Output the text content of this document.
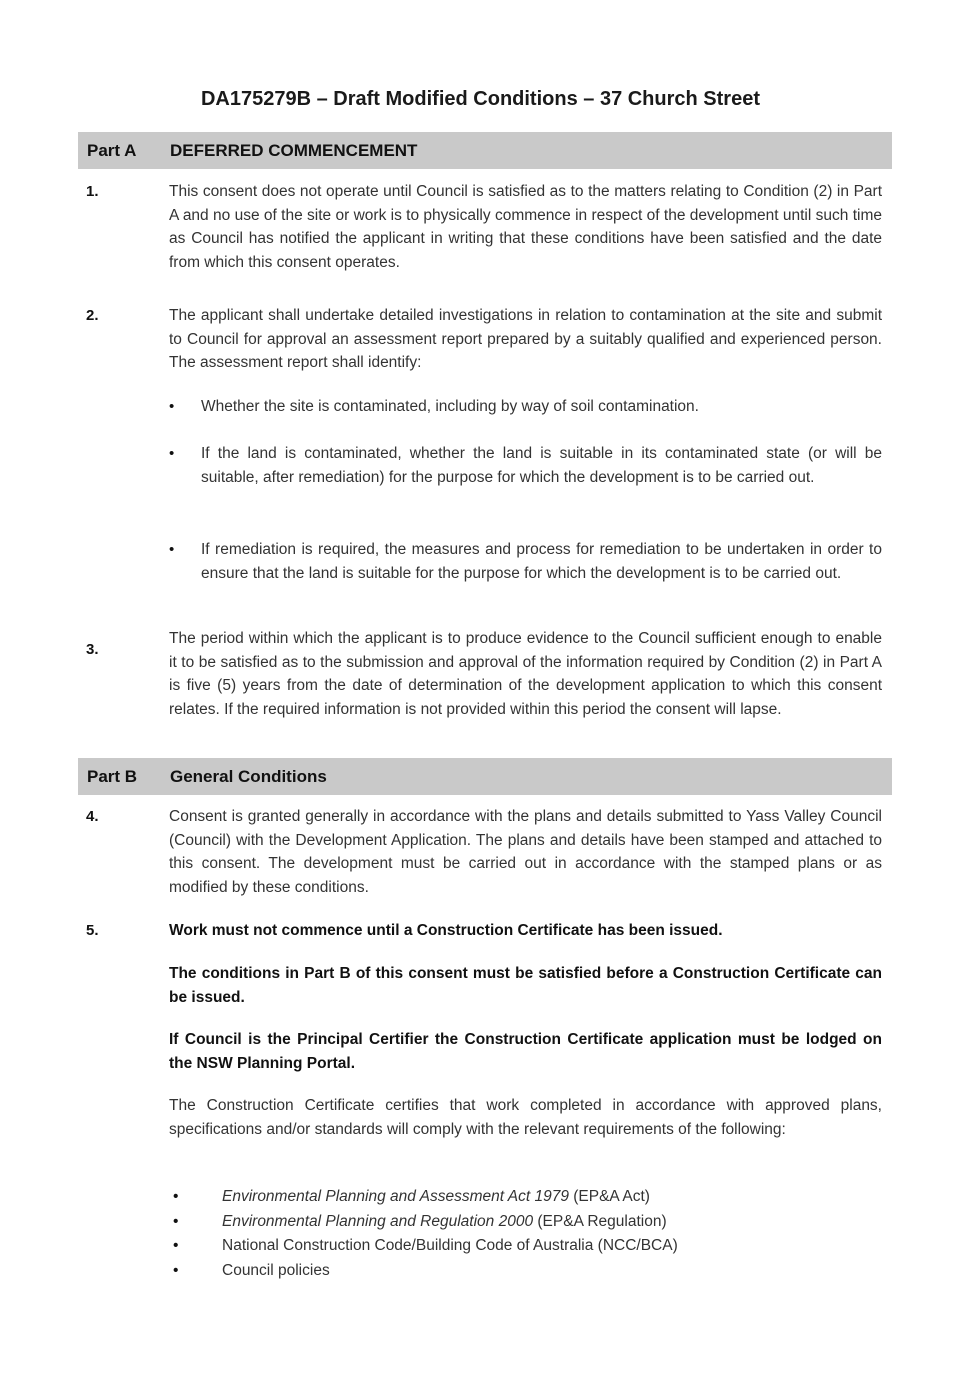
DA175279B – Draft Modified Conditions – 37 Church Street
Part A DEFERRED COMMENCEMENT
1.	This consent does not operate until Council is satisfied as to the matters relating to Condition (2) in Part A and no use of the site or work is to physically commence in respect of the development until such time as Council has notified the applicant in writing that these conditions have been satisfied and the date from which this consent operates.
2.	The applicant shall undertake detailed investigations in relation to contamination at the site and submit to Council for approval an assessment report prepared by a suitably qualified and experienced person. The assessment report shall identify:
• Whether the site is contaminated, including by way of soil contamination.
• If the land is contaminated, whether the land is suitable in its contaminated state (or will be suitable, after remediation) for the purpose for which the development is to be carried out.
• If remediation is required, the measures and process for remediation to be undertaken in order to ensure that the land is suitable for the purpose for which the development is to be carried out.
3.
The period within which the applicant is to produce evidence to the Council sufficient enough to enable it to be satisfied as to the submission and approval of the information required by Condition (2) in Part A is five (5) years from the date of determination of the development application to which this consent relates. If the required information is not provided within this period the consent will lapse.
Part B General Conditions
4.	Consent is granted generally in accordance with the plans and details submitted to Yass Valley Council (Council) with the Development Application. The plans and details have been stamped and attached to this consent. The development must be carried out in accordance with the stamped plans or as modified by these conditions.
5.	Work must not commence until a Construction Certificate has been issued.
The conditions in Part B of this consent must be satisfied before a Construction Certificate can be issued.
If Council is the Principal Certifier the Construction Certificate application must be lodged on the NSW Planning Portal.
The Construction Certificate certifies that work completed in accordance with approved plans, specifications and/or standards will comply with the relevant requirements of the following:
•	Environmental Planning and Assessment Act 1979 (EP&A Act)
•	Environmental Planning and Regulation 2000 (EP&A Regulation)
•	National Construction Code/Building Code of Australia (NCC/BCA)
•	Council policies
